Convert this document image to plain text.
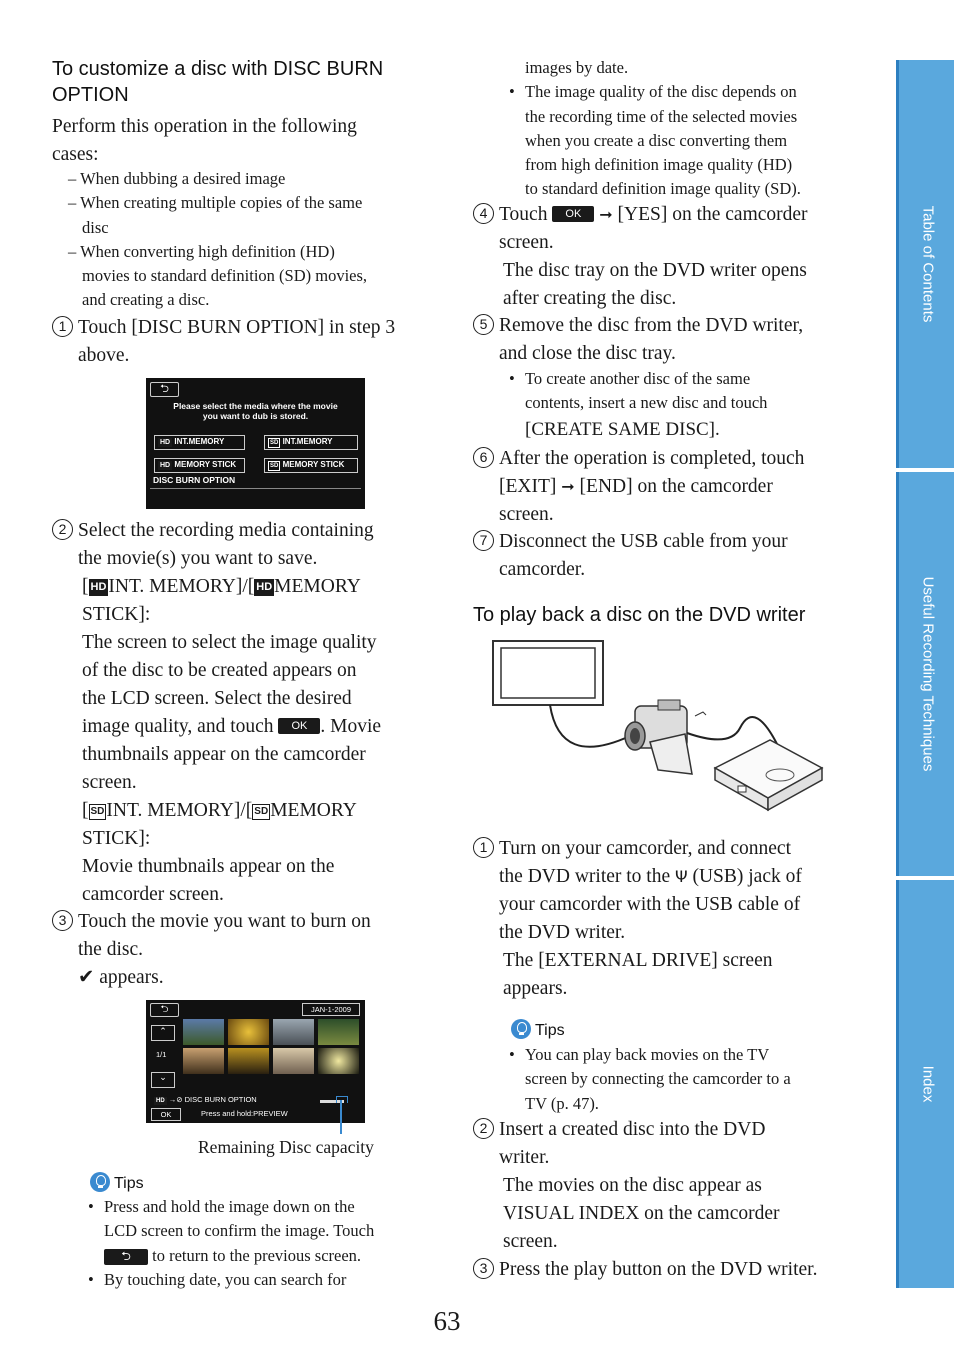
Table of Contents
Useful Recording Techniques
Index
To customize a disc with DISC BURN
OPTION
Perform this operation in the following
cases:
– When dubbing a desired image
– When creating multiple copies of the same
disc
– When converting high definition (HD)
movies to standard definition (SD) movies,
and creating a disc.
1 Touch [DISC BURN OPTION] in step 3
above.
⮌
Please select the media where the movie
you want to dub is stored.
HD INT.MEMORY	SD INT.MEMORY
HD MEMORY STICK	SD MEMORY STICK
DISC BURN OPTION
2 Select the recording media containing
the movie(s) you want to save.
[ HD INT. MEMORY]/[ HD MEMORY
STICK]:
The screen to select the image quality
of the disc to be created appears on
the LCD screen. Select the desired
image quality, and touch OK . Movie
thumbnails appear on the camcorder
screen.
[ SD INT. MEMORY]/[ SD MEMORY
STICK]:
Movie thumbnails appear on the
camcorder screen.
3 Touch the movie you want to burn on
the disc.
✔ appears.
⮌	JAN-1-2009
⌃
1/1
⌄
HD →⊘ DISC BURN OPTION
OK	Press and hold:PREVIEW
Remaining Disc capacity
Tips
• Press and hold the image down on the
LCD screen to confirm the image. Touch
⮌ to return to the previous screen.
• By touching date, you can search for
images by date.
• The image quality of the disc depends on
the recording time of the selected movies
when you create a disc converting them
from high definition image quality (HD)
to standard definition image quality (SD).
4 Touch OK ➞ [YES] on the camcorder
screen.
The disc tray on the DVD writer opens
after creating the disc.
5 Remove the disc from the DVD writer,
and close the disc tray.
• To create another disc of the same
contents, insert a new disc and touch
[CREATE SAME DISC].
6 After the operation is completed, touch
[EXIT] ➞ [END] on the camcorder
screen.
7 Disconnect the USB cable from your
camcorder.
To play back a disc on the DVD writer
1 Turn on your camcorder, and connect
the DVD writer to the Ψ (USB) jack of
your camcorder with the USB cable of
the DVD writer.
The [EXTERNAL DRIVE] screen
appears.
Tips
• You can play back movies on the TV
screen by connecting the camcorder to a
TV (p. 47).
2 Insert a created disc into the DVD
writer.
The movies on the disc appear as
VISUAL INDEX on the camcorder
screen.
3 Press the play button on the DVD writer.
63
